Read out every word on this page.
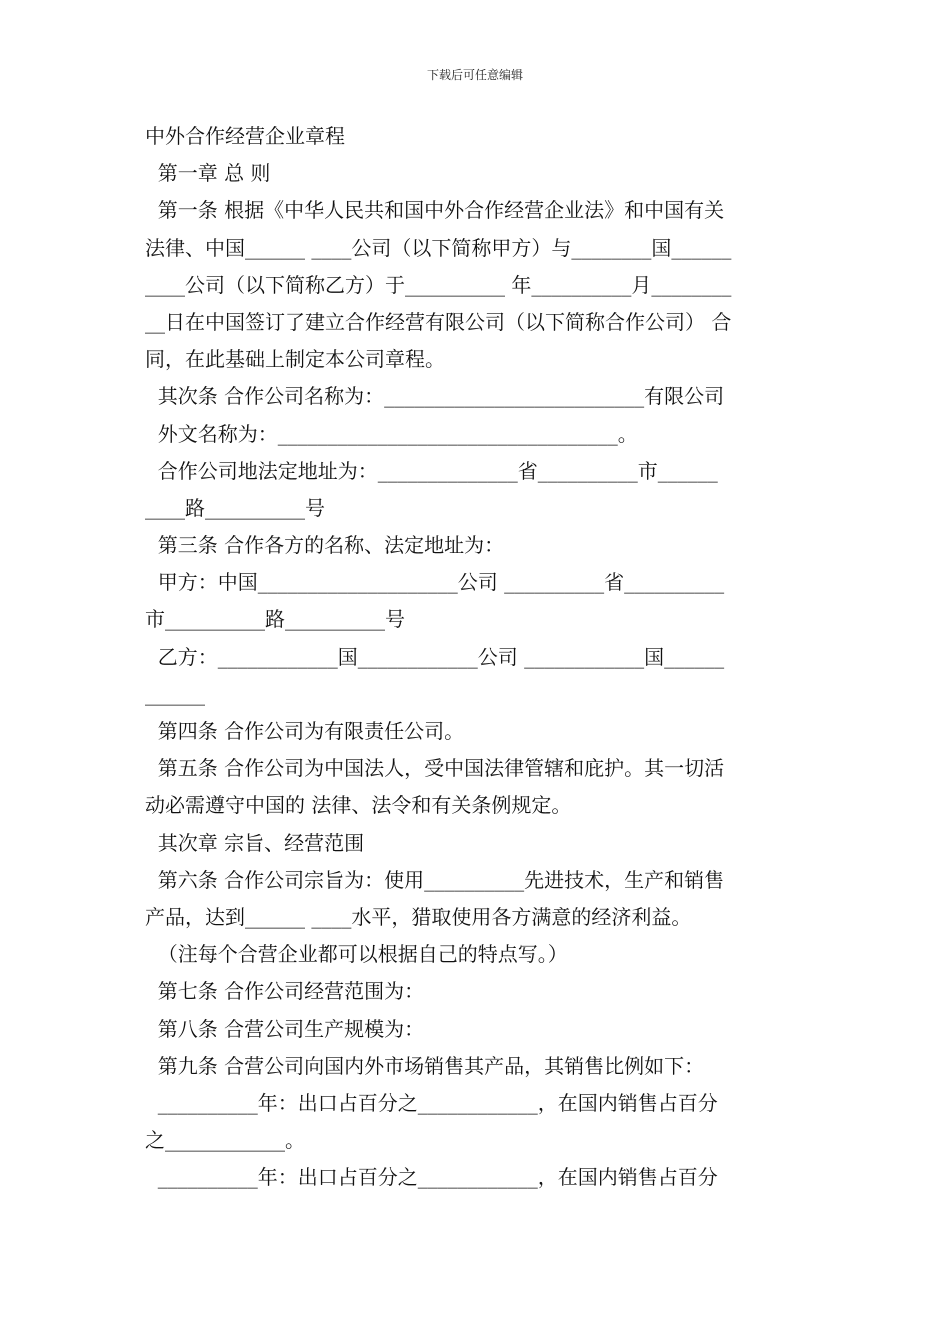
下载后可任意编辑
中外合作经营企业章程
第一章 总 则
第一条 根据《中华人民共和国中外合作经营企业法》和中国有关
法律、中国______ ____公司（以下简称甲方）与________国______
____公司（以下简称乙方）于__________ 年__________月________
__日在中国签订了建立合作经营有限公司（以下简称合作公司） 合
同，在此基础上制定本公司章程。
其次条 合作公司名称为：__________________________有限公司
外文名称为：__________________________________。
合作公司地法定地址为：______________省__________市______
____路__________号
第三条 合作各方的名称、法定地址为：
甲方：中国____________________公司 __________省__________
市__________路__________号
乙方：____________国____________公司 ____________国______
______
第四条 合作公司为有限责任公司。
第五条 合作公司为中国法人，受中国法律管辖和庇护。其一切活
动必需遵守中国的 法律、法令和有关条例规定。
其次章 宗旨、经营范围
第六条 合作公司宗旨为：使用__________先进技术，生产和销售
产品，达到______ ____水平，猎取使用各方满意的经济利益。
（注每个合营企业都可以根据自己的特点写。）
第七条 合作公司经营范围为：
第八条 合营公司生产规模为：
第九条 合营公司向国内外市场销售其产品，其销售比例如下：
__________年：出口占百分之____________，在国内销售占百分
之____________。
__________年：出口占百分之____________，在国内销售占百分
